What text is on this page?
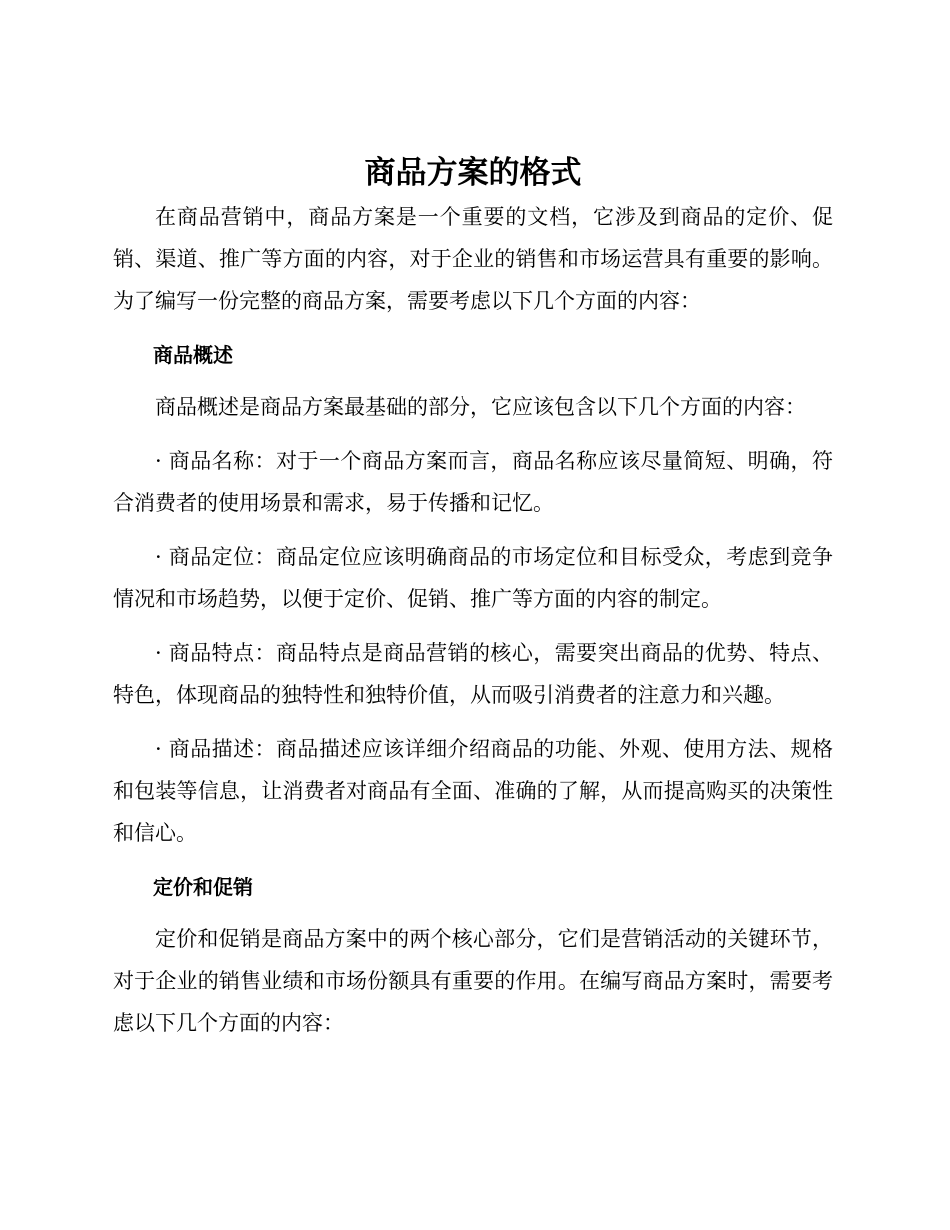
商品方案的格式

在商品营销中，商品方案是一个重要的文档，它涉及到商品的定价、促销、渠道、推广等方面的内容，对于企业的销售和市场运营具有重要的影响。为了编写一份完整的商品方案，需要考虑以下几个方面的内容：

商品概述

商品概述是商品方案最基础的部分，它应该包含以下几个方面的内容：

· 商品名称：对于一个商品方案而言，商品名称应该尽量简短、明确，符合消费者的使用场景和需求，易于传播和记忆。

· 商品定位：商品定位应该明确商品的市场定位和目标受众，考虑到竞争情况和市场趋势，以便于定价、促销、推广等方面的内容的制定。

· 商品特点：商品特点是商品营销的核心，需要突出商品的优势、特点、特色，体现商品的独特性和独特价值，从而吸引消费者的注意力和兴趣。

· 商品描述：商品描述应该详细介绍商品的功能、外观、使用方法、规格和包装等信息，让消费者对商品有全面、准确的了解，从而提高购买的决策性和信心。

定价和促销

定价和促销是商品方案中的两个核心部分，它们是营销活动的关键环节，对于企业的销售业绩和市场份额具有重要的作用。在编写商品方案时，需要考虑以下几个方面的内容：
